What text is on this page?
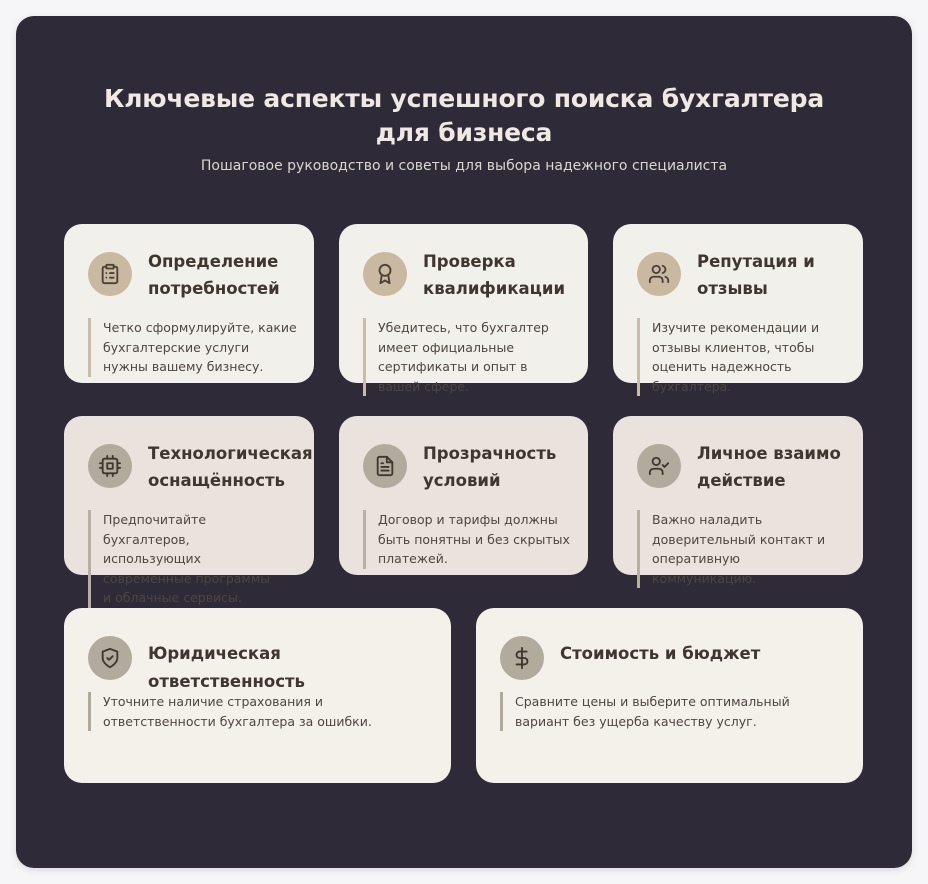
Ключевые аспекты успешного поиска бухгалтера для бизнеса

Пошаговое руководство и советы для выбора надежного специалиста

Определение потребностей
Четко сформулируйте, какие бухгалтерские услуги нужны вашему бизнесу.
Проверка квалификации
Убедитесь, что бухгалтер имеет официальные сертификаты и опыт в вашей сфере.
Репутация и отзывы
Изучите рекомендации и отзывы клиентов, чтобы оценить надежность бухгалтера.
Технологическая оснащённость
Предпочитайте бухгалтеров, использующих современные программы и облачные сервисы.
Прозрачность условий
Договор и тарифы должны быть понятны и без скрытых платежей.
Личное взаимодействие
Важно наладить доверительный контакт и оперативную коммуникацию.
Юридическая ответственность
Уточните наличие страхования и ответственности бухгалтера за ошибки.
Стоимость и бюджет
Сравните цены и выберите оптимальный вариант без ущерба качеству услуг.
